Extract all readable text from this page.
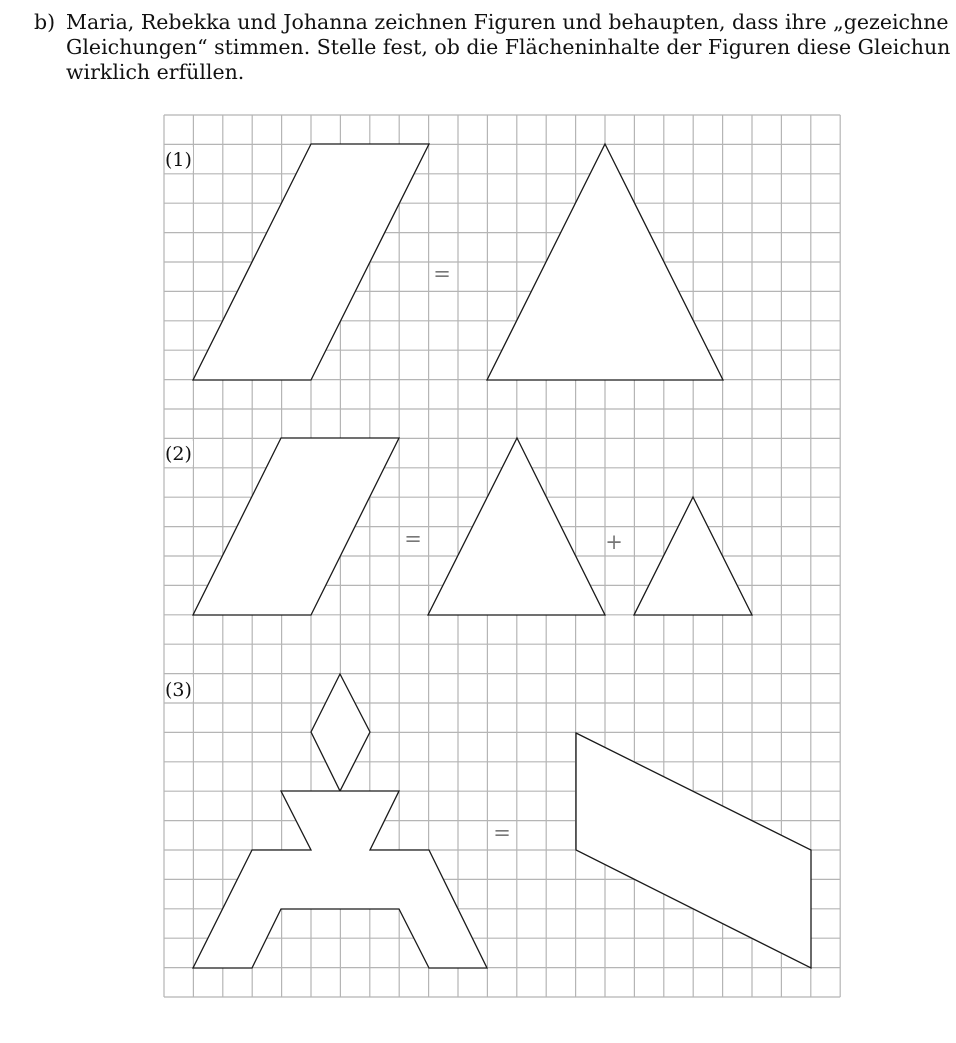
b) Maria, Rebekka und Johanna zeichnen Figuren und behaupten, dass ihre „gezeichne
Gleichungen“ stimmen. Stelle fest, ob die Flächeninhalte der Figuren diese Gleichun
wirklich erfüllen.
(1)
(2)
(3)
=
=	+
=
